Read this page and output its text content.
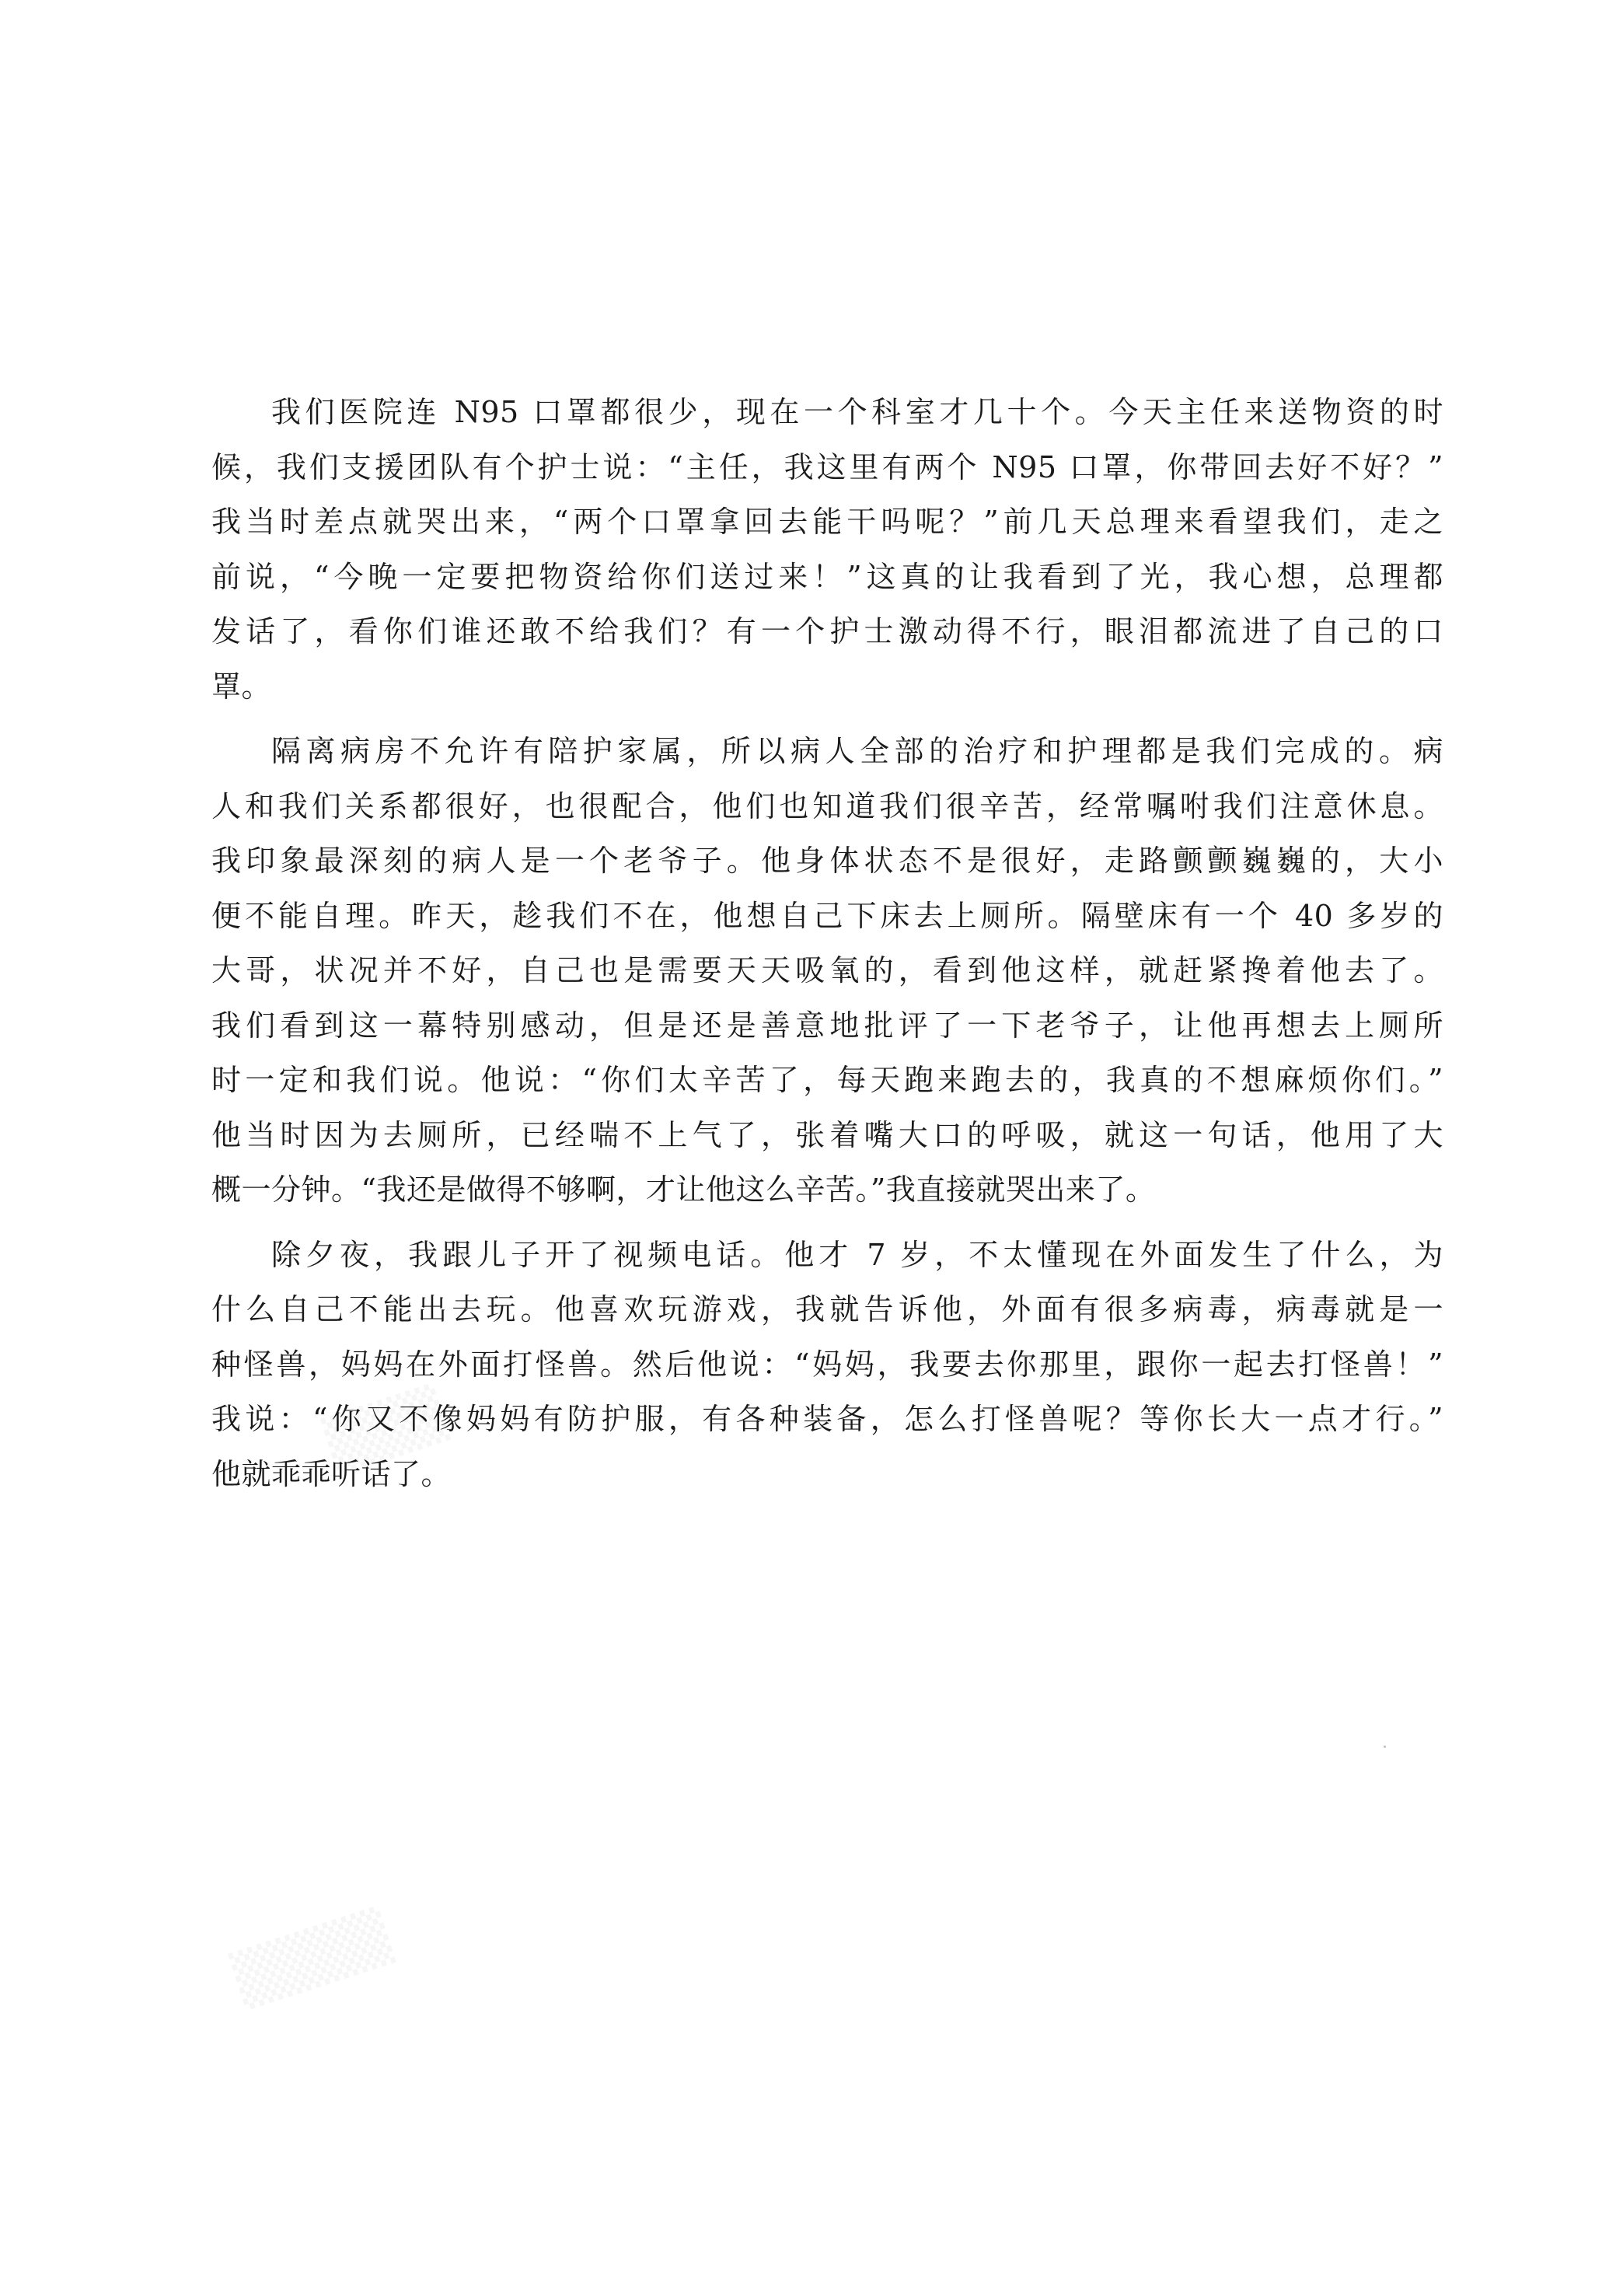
我们医院连 N95 口罩都很少，现在一个科室才几十个。今天主任来送物资的时
候，我们支援团队有个护士说：“主任，我这里有两个 N95 口罩，你带回去好不好？”
我当时差点就哭出来，“两个口罩拿回去能干吗呢？”前几天总理来看望我们，走之
前说，“今晚一定要把物资给你们送过来！”这真的让我看到了光，我心想，总理都
发话了，看你们谁还敢不给我们？有一个护士激动得不行，眼泪都流进了自己的口
罩。

隔离病房不允许有陪护家属，所以病人全部的治疗和护理都是我们完成的。病
人和我们关系都很好，也很配合，他们也知道我们很辛苦，经常嘱咐我们注意休息。
我印象最深刻的病人是一个老爷子。他身体状态不是很好，走路颤颤巍巍的，大小
便不能自理。昨天，趁我们不在，他想自己下床去上厕所。隔壁床有一个 40 多岁的
大哥，状况并不好，自己也是需要天天吸氧的，看到他这样，就赶紧搀着他去了。
我们看到这一幕特别感动，但是还是善意地批评了一下老爷子，让他再想去上厕所
时一定和我们说。他说：“你们太辛苦了，每天跑来跑去的，我真的不想麻烦你们。”
他当时因为去厕所，已经喘不上气了，张着嘴大口的呼吸，就这一句话，他用了大
概一分钟。“我还是做得不够啊，才让他这么辛苦。”我直接就哭出来了。

除夕夜，我跟儿子开了视频电话。他才 7 岁，不太懂现在外面发生了什么，为
什么自己不能出去玩。他喜欢玩游戏，我就告诉他，外面有很多病毒，病毒就是一
种怪兽，妈妈在外面打怪兽。然后他说：“妈妈，我要去你那里，跟你一起去打怪兽！”
我说：“你又不像妈妈有防护服，有各种装备，怎么打怪兽呢？等你长大一点才行。”
他就乖乖听话了。
